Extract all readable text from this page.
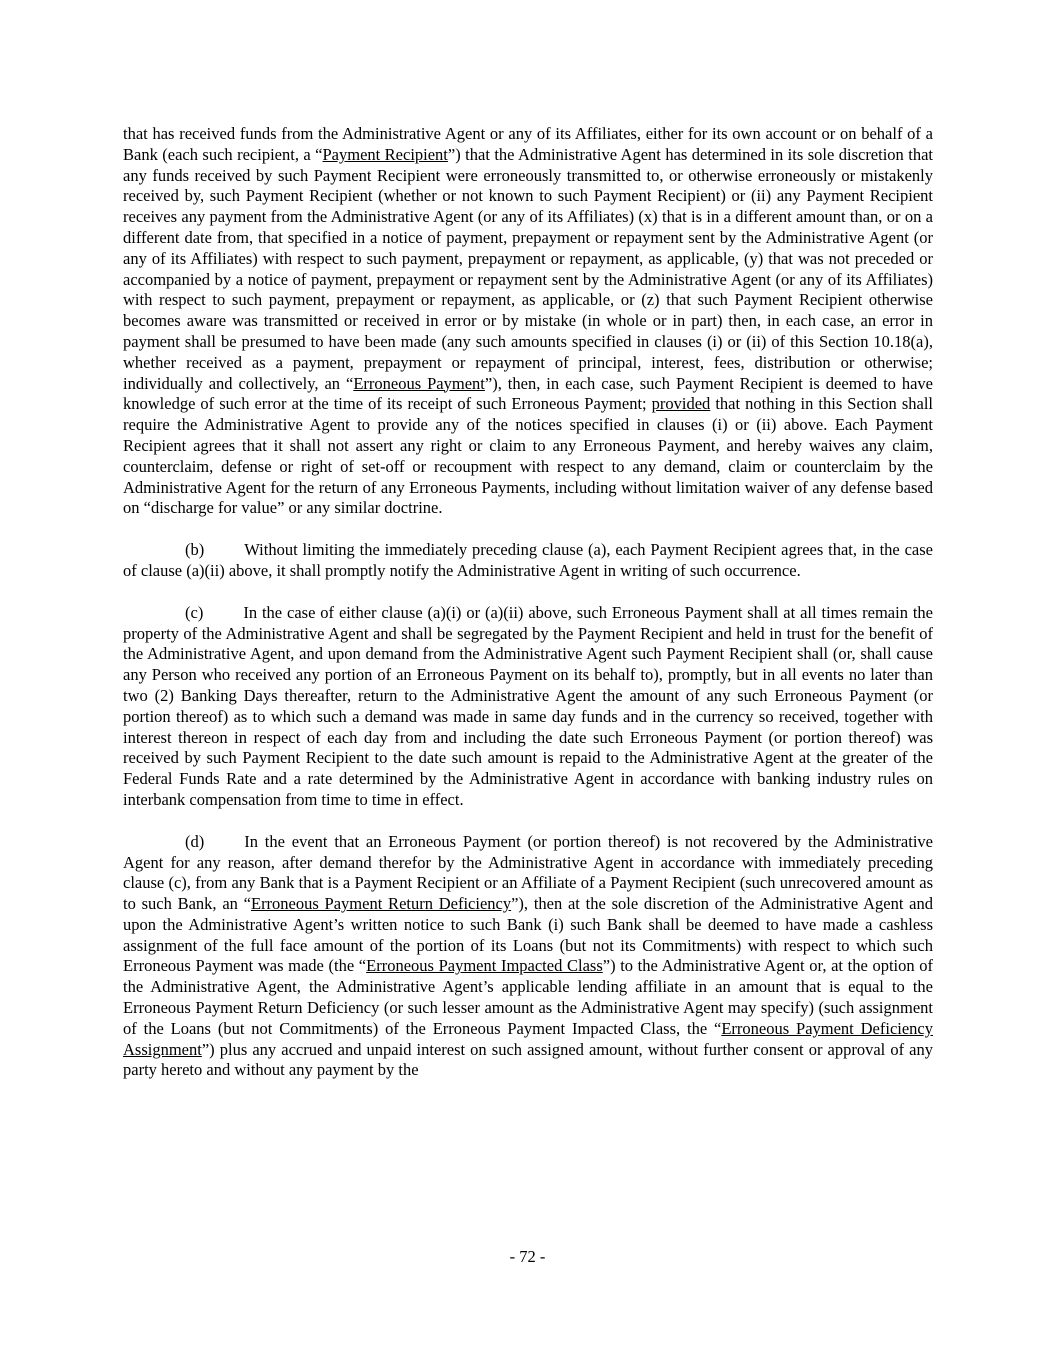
that has received funds from the Administrative Agent or any of its Affiliates, either for its own account or on behalf of a Bank (each such recipient, a “Payment Recipient”) that the Administrative Agent has determined in its sole discretion that any funds received by such Payment Recipient were erroneously transmitted to, or otherwise erroneously or mistakenly received by, such Payment Recipient (whether or not known to such Payment Recipient) or (ii) any Payment Recipient receives any payment from the Administrative Agent (or any of its Affiliates) (x) that is in a different amount than, or on a different date from, that specified in a notice of payment, prepayment or repayment sent by the Administrative Agent (or any of its Affiliates) with respect to such payment, prepayment or repayment, as applicable, (y) that was not preceded or accompanied by a notice of payment, prepayment or repayment sent by the Administrative Agent (or any of its Affiliates) with respect to such payment, prepayment or repayment, as applicable, or (z) that such Payment Recipient otherwise becomes aware was transmitted or received in error or by mistake (in whole or in part) then, in each case, an error in payment shall be presumed to have been made (any such amounts specified in clauses (i) or (ii) of this Section 10.18(a), whether received as a payment, prepayment or repayment of principal, interest, fees, distribution or otherwise; individually and collectively, an “Erroneous Payment”), then, in each case, such Payment Recipient is deemed to have knowledge of such error at the time of its receipt of such Erroneous Payment; provided that nothing in this Section shall require the Administrative Agent to provide any of the notices specified in clauses (i) or (ii) above. Each Payment Recipient agrees that it shall not assert any right or claim to any Erroneous Payment, and hereby waives any claim, counterclaim, defense or right of set-off or recoupment with respect to any demand, claim or counterclaim by the Administrative Agent for the return of any Erroneous Payments, including without limitation waiver of any defense based on “discharge for value” or any similar doctrine.

(b) Without limiting the immediately preceding clause (a), each Payment Recipient agrees that, in the case of clause (a)(ii) above, it shall promptly notify the Administrative Agent in writing of such occurrence.

(c) In the case of either clause (a)(i) or (a)(ii) above, such Erroneous Payment shall at all times remain the property of the Administrative Agent and shall be segregated by the Payment Recipient and held in trust for the benefit of the Administrative Agent, and upon demand from the Administrative Agent such Payment Recipient shall (or, shall cause any Person who received any portion of an Erroneous Payment on its behalf to), promptly, but in all events no later than two (2) Banking Days thereafter, return to the Administrative Agent the amount of any such Erroneous Payment (or portion thereof) as to which such a demand was made in same day funds and in the currency so received, together with interest thereon in respect of each day from and including the date such Erroneous Payment (or portion thereof) was received by such Payment Recipient to the date such amount is repaid to the Administrative Agent at the greater of the Federal Funds Rate and a rate determined by the Administrative Agent in accordance with banking industry rules on interbank compensation from time to time in effect.

(d) In the event that an Erroneous Payment (or portion thereof) is not recovered by the Administrative Agent for any reason, after demand therefor by the Administrative Agent in accordance with immediately preceding clause (c), from any Bank that is a Payment Recipient or an Affiliate of a Payment Recipient (such unrecovered amount as to such Bank, an “Erroneous Payment Return Deficiency”), then at the sole discretion of the Administrative Agent and upon the Administrative Agent’s written notice to such Bank (i) such Bank shall be deemed to have made a cashless assignment of the full face amount of the portion of its Loans (but not its Commitments) with respect to which such Erroneous Payment was made (the “Erroneous Payment Impacted Class”) to the Administrative Agent or, at the option of the Administrative Agent, the Administrative Agent’s applicable lending affiliate in an amount that is equal to the Erroneous Payment Return Deficiency (or such lesser amount as the Administrative Agent may specify) (such assignment of the Loans (but not Commitments) of the Erroneous Payment Impacted Class, the “Erroneous Payment Deficiency Assignment”) plus any accrued and unpaid interest on such assigned amount, without further consent or approval of any party hereto and without any payment by the

- 72 -
